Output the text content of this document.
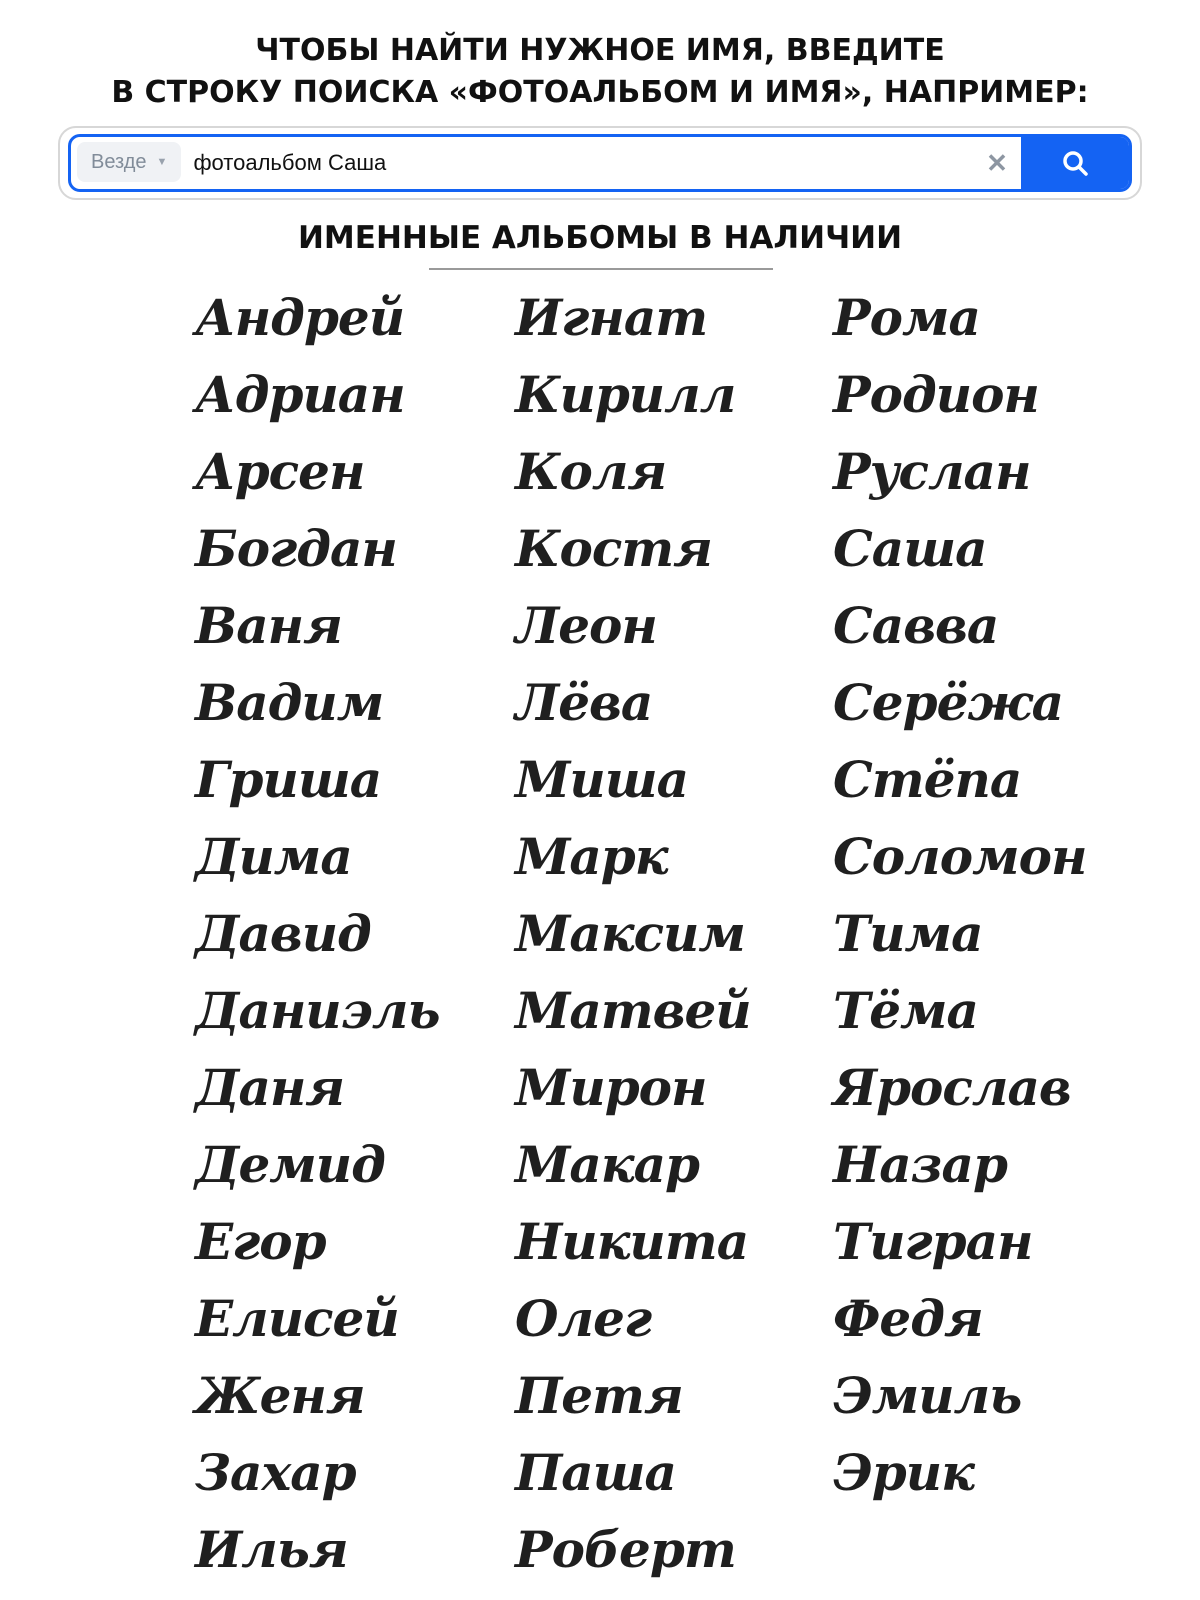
ЧТОБЫ НАЙТИ НУЖНОЕ ИМЯ, ВВЕДИТЕ
В СТРОКУ ПОИСКА «ФОТОАЛЬБОМ И ИМЯ», НАПРИМЕР:
Везде ▼
фотоальбом Саша	✕
ИМЕННЫЕ АЛЬБОМЫ В НАЛИЧИИ
Андрей
Адриан
Арсен
Богдан
Ваня
Вадим
Гриша
Дима
Давид
Даниэль
Даня
Демид
Егор
Елисей
Женя
Захар
Илья
Игнат
Кирилл
Коля
Костя
Леон
Лёва
Миша
Марк
Максим
Матвей
Мирон
Макар
Никита
Олег
Петя
Паша
Роберт
Рома
Родион
Руслан
Саша
Савва
Серёжа
Стёпа
Соломон
Тима
Тёма
Ярослав
Назар
Тигран
Федя
Эмиль
Эрик
